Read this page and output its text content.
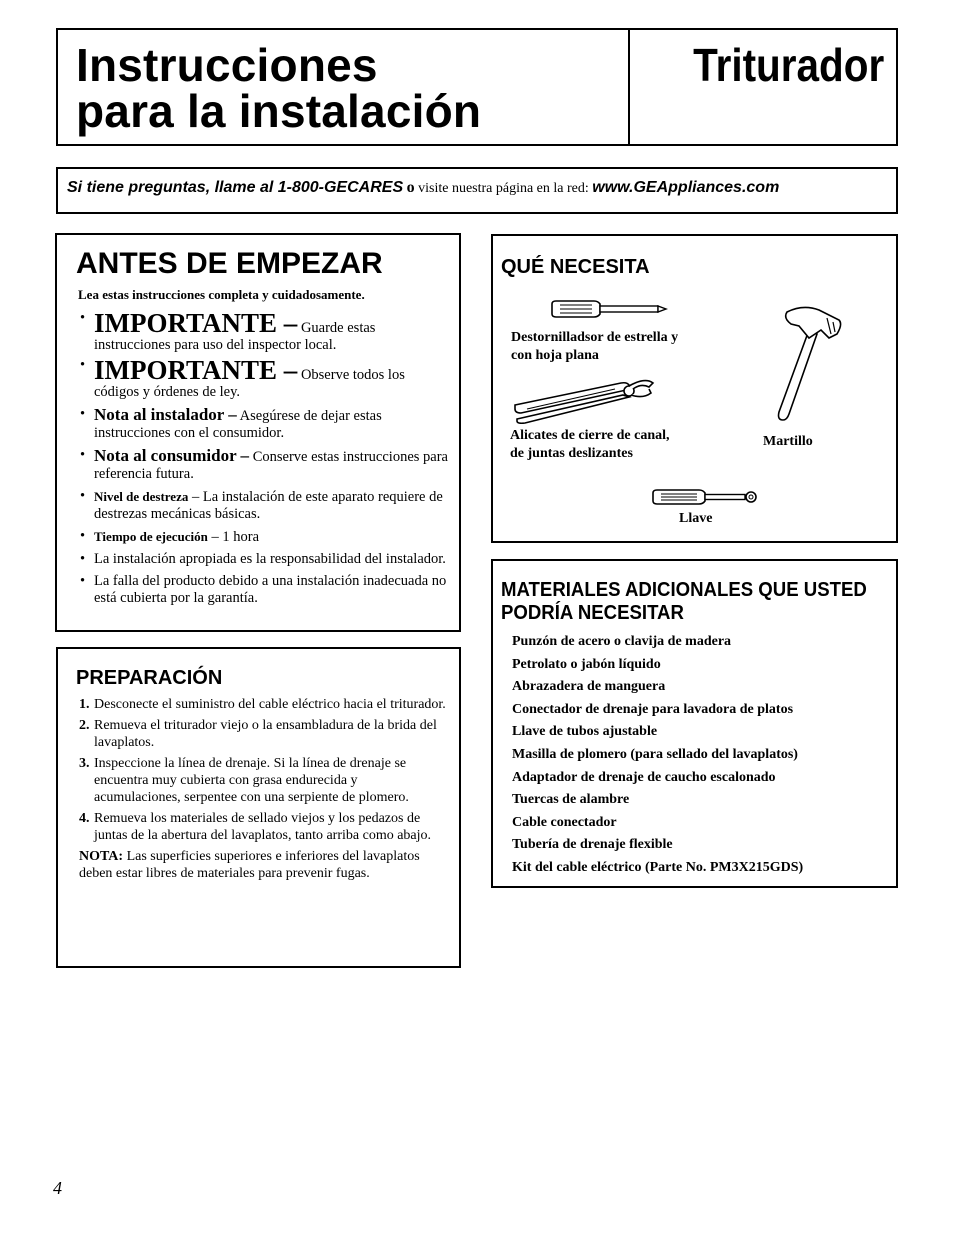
Instrucciones
para la instalación
Triturador
Si tiene preguntas, llame al 1-800-GECARES o visite nuestra página en la red: www.GEAppliances.com
ANTES DE EMPEZAR
Lea estas instrucciones completa y cuidadosamente.
• IMPORTANTE – Guarde estas instrucciones para uso del inspector local.
• IMPORTANTE – Observe todos los códigos y órdenes de ley.
• Nota al instalador – Asegúrese de dejar estas instrucciones con el consumidor.
• Nota al consumidor – Conserve estas instrucciones para referencia futura.
• Nivel de destreza – La instalación de este aparato requiere de destrezas mecánicas básicas.
• Tiempo de ejecución – 1 hora
• La instalación apropiada es la responsabilidad del instalador.
• La falla del producto debido a una instalación inadecuada no está cubierta por la garantía.
PREPARACIÓN
1. Desconecte el suministro del cable eléctrico hacia el triturador.
2. Remueva el triturador viejo o la ensambladura de la brida del lavaplatos.
3. Inspeccione la línea de drenaje. Si la línea de drenaje se encuentra muy cubierta con grasa endurecida y acumulaciones, serpentee con una serpiente de plomero.
4. Remueva los materiales de sellado viejos y los pedazos de juntas de la abertura del lavaplatos, tanto arriba como abajo.
NOTA: Las superficies superiores e inferiores del lavaplatos deben estar libres de materiales para prevenir fugas.
QUÉ NECESITA
Destornilladsor de estrella y
con hoja plana
Alicates de cierre de canal,
de juntas deslizantes
Martillo
Llave
MATERIALES ADICIONALES QUE USTED
PODRÍA NECESITAR
Punzón de acero o clavija de madera
Petrolato o jabón líquido
Abrazadera de manguera
Conectador de drenaje para lavadora de platos
Llave de tubos ajustable
Masilla de plomero (para sellado del lavaplatos)
Adaptador de drenaje de caucho escalonado
Tuercas de alambre
Cable conectador
Tubería de drenaje flexible
Kit del cable eléctrico (Parte No. PM3X215GDS)
4
